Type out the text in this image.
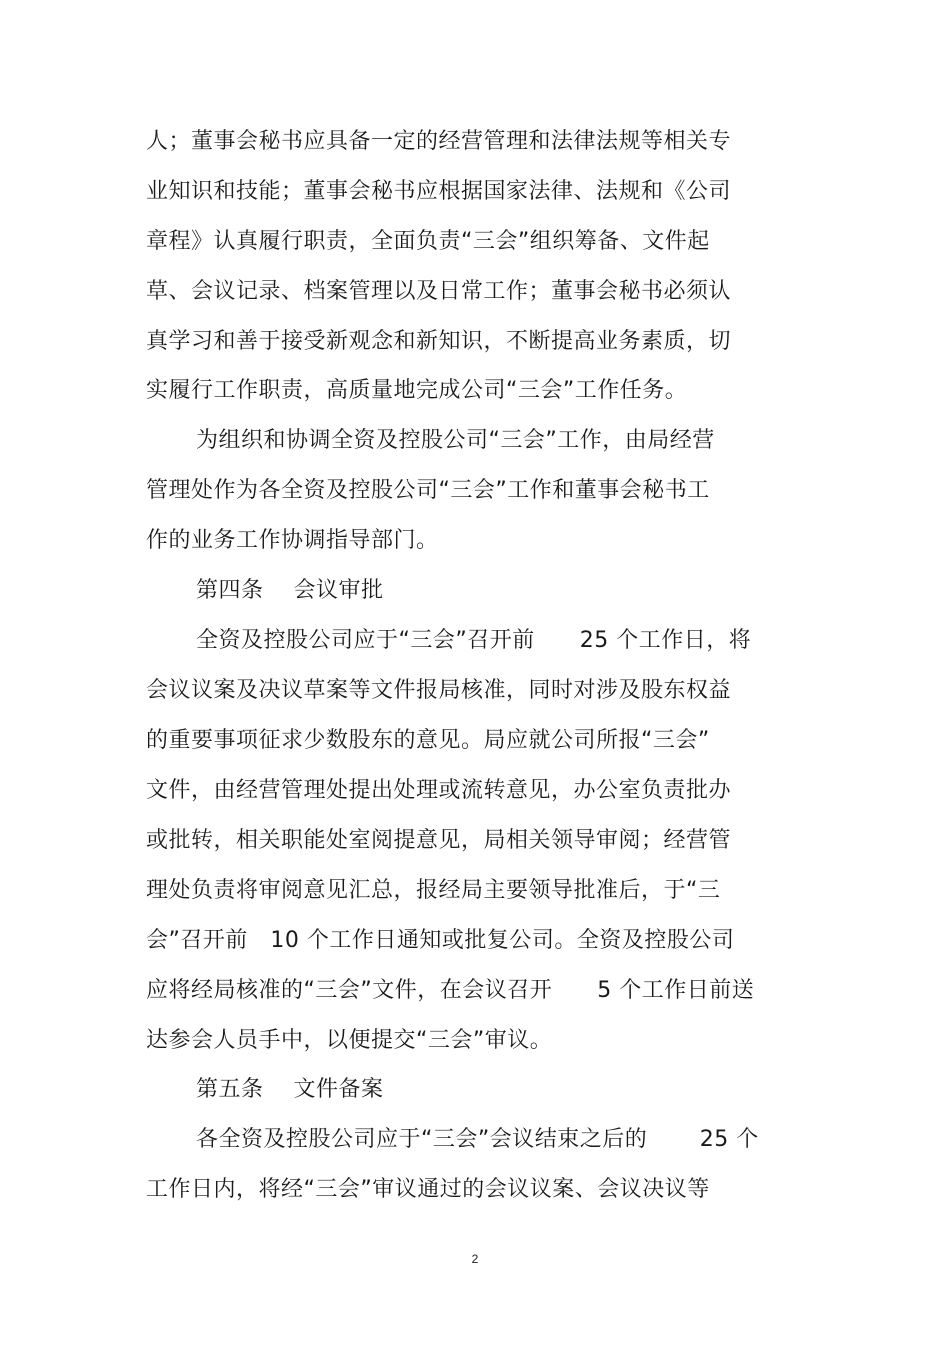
人；董事会秘书应具备一定的经营管理和法律法规等相关专
业知识和技能；董事会秘书应根据国家法律、法规和《公司
章程》认真履行职责，全面负责“三会”组织筹备、文件起
草、会议记录、档案管理以及日常工作；董事会秘书必须认
真学习和善于接受新观念和新知识，不断提高业务素质，切
实履行工作职责，高质量地完成公司“三会”工作任务。
为组织和协调全资及控股公司“三会”工作，由局经营
管理处作为各全资及控股公司“三会”工作和董事会秘书工
作的业务工作协调指导部门。
第四条    会议审批
全资及控股公司应于“三会”召开前      25 个工作日，将
会议议案及决议草案等文件报局核准，同时对涉及股东权益
的重要事项征求少数股东的意见。局应就公司所报“三会”
文件，由经营管理处提出处理或流转意见，办公室负责批办
或批转，相关职能处室阅提意见，局相关领导审阅；经营管
理处负责将审阅意见汇总，报经局主要领导批准后，于“三
会”召开前   10 个工作日通知或批复公司。全资及控股公司
应将经局核准的“三会”文件，在会议召开      5 个工作日前送
达参会人员手中，以便提交“三会”审议。
第五条    文件备案
各全资及控股公司应于“三会”会议结束之后的       25 个
工作日内，将经“三会”审议通过的会议议案、会议决议等
2
